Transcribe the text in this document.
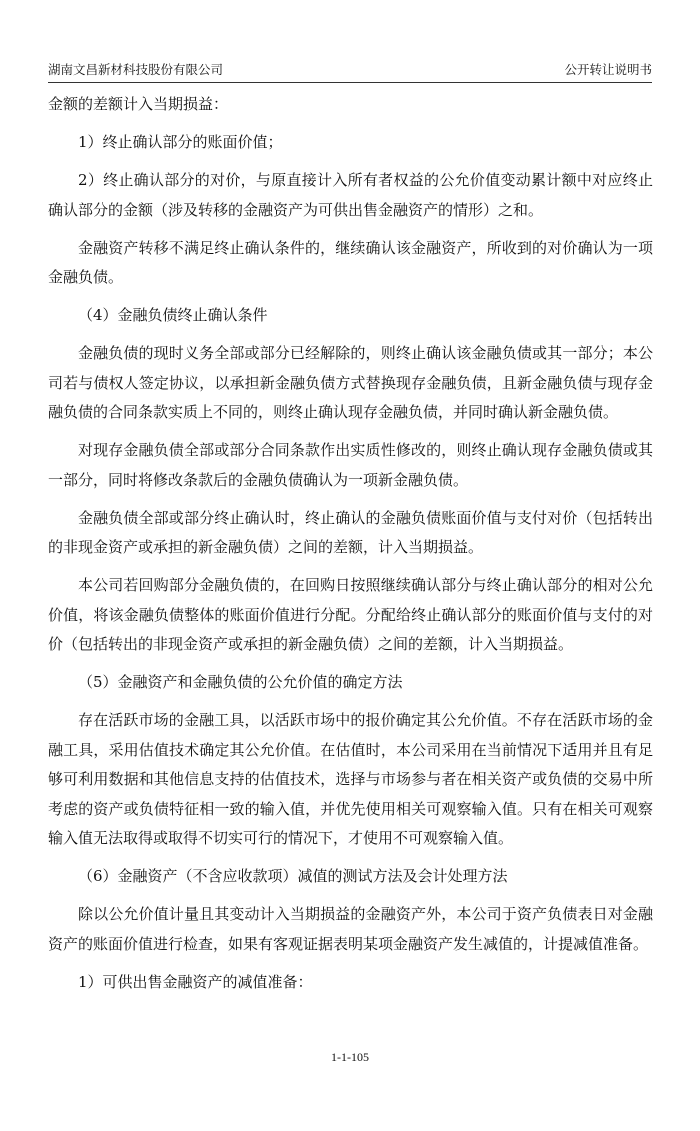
湖南文昌新材科技股份有限公司	公开转让说明书

金额的差额计入当期损益：

1）终止确认部分的账面价值；

2）终止确认部分的对价，与原直接计入所有者权益的公允价值变动累计额中对应终止确认部分的金额（涉及转移的金融资产为可供出售金融资产的情形）之和。

金融资产转移不满足终止确认条件的，继续确认该金融资产，所收到的对价确认为一项金融负债。

（4）金融负债终止确认条件

金融负债的现时义务全部或部分已经解除的，则终止确认该金融负债或其一部分；本公司若与债权人签定协议，以承担新金融负债方式替换现存金融负债，且新金融负债与现存金融负债的合同条款实质上不同的，则终止确认现存金融负债，并同时确认新金融负债。

对现存金融负债全部或部分合同条款作出实质性修改的，则终止确认现存金融负债或其一部分，同时将修改条款后的金融负债确认为一项新金融负债。

金融负债全部或部分终止确认时，终止确认的金融负债账面价值与支付对价（包括转出的非现金资产或承担的新金融负债）之间的差额，计入当期损益。

本公司若回购部分金融负债的，在回购日按照继续确认部分与终止确认部分的相对公允价值，将该金融负债整体的账面价值进行分配。分配给终止确认部分的账面价值与支付的对价（包括转出的非现金资产或承担的新金融负债）之间的差额，计入当期损益。

（5）金融资产和金融负债的公允价值的确定方法

存在活跃市场的金融工具，以活跃市场中的报价确定其公允价值。不存在活跃市场的金融工具，采用估值技术确定其公允价值。在估值时，本公司采用在当前情况下适用并且有足够可利用数据和其他信息支持的估值技术，选择与市场参与者在相关资产或负债的交易中所考虑的资产或负债特征相一致的输入值，并优先使用相关可观察输入值。只有在相关可观察输入值无法取得或取得不切实可行的情况下，才使用不可观察输入值。

（6）金融资产（不含应收款项）减值的测试方法及会计处理方法

除以公允价值计量且其变动计入当期损益的金融资产外，本公司于资产负债表日对金融资产的账面价值进行检查，如果有客观证据表明某项金融资产发生减值的，计提减值准备。

1）可供出售金融资产的减值准备：

1-1-105
